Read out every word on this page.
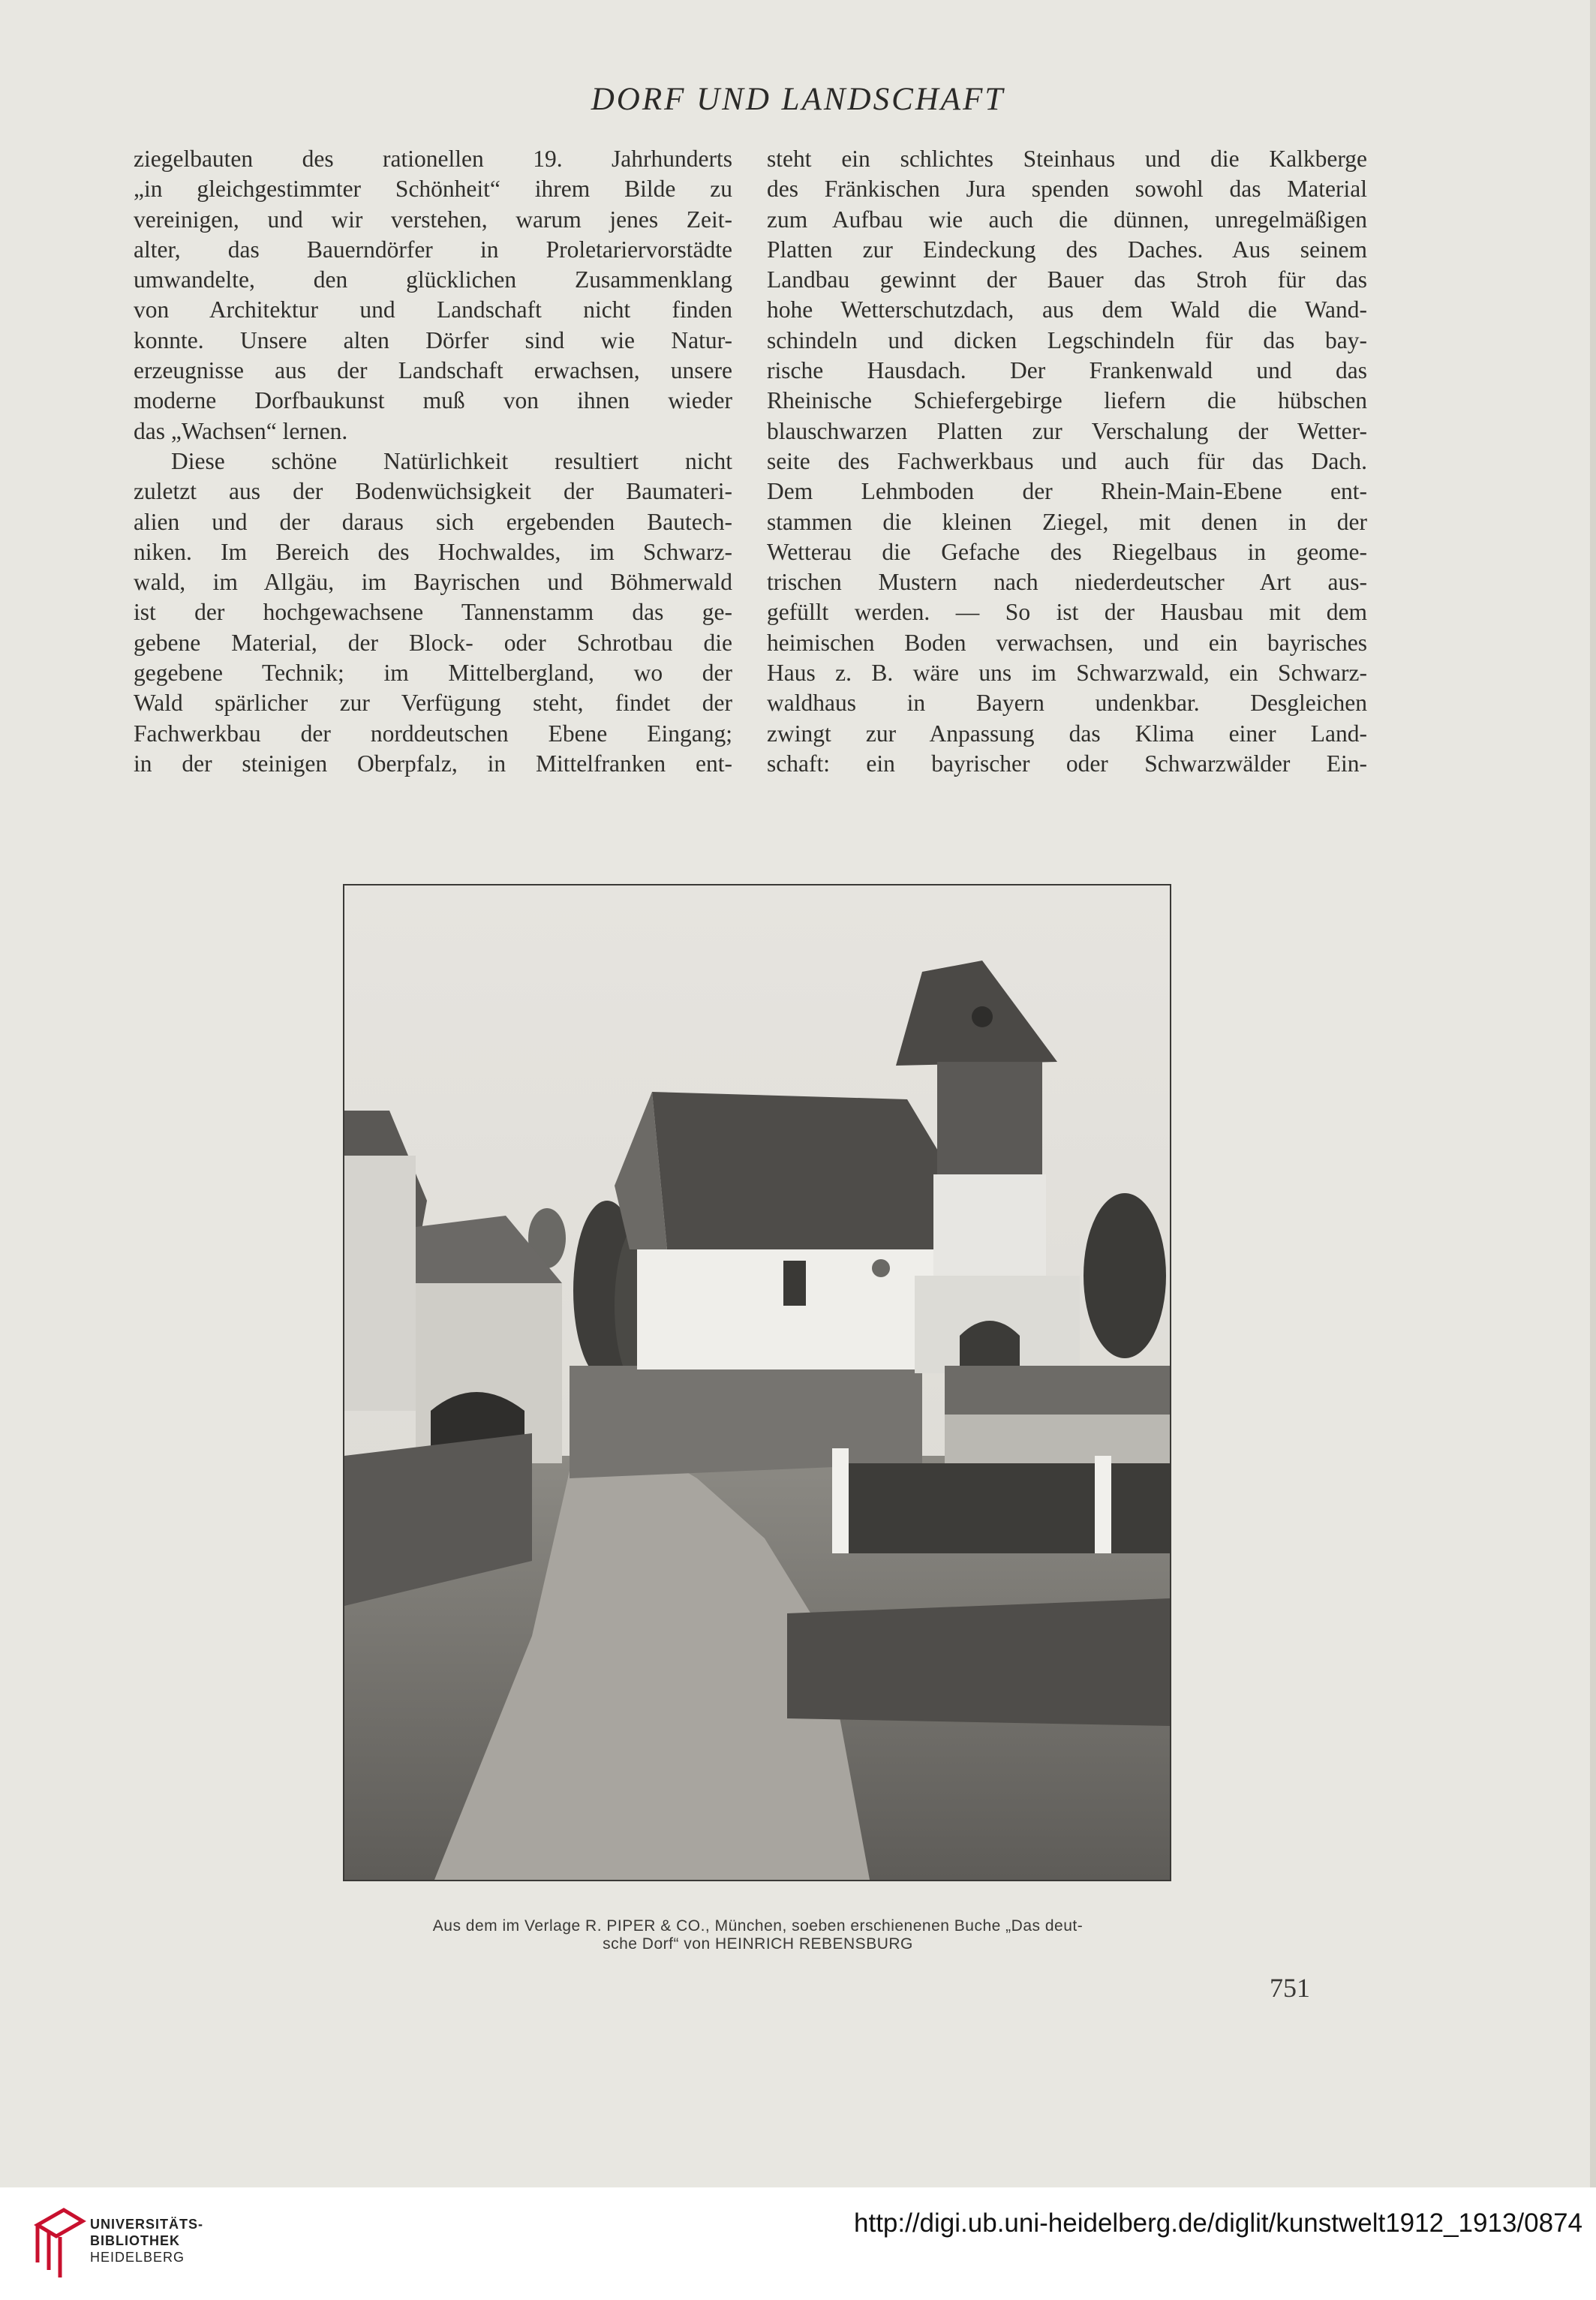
DORF UND LANDSCHAFT

ziegelbauten des rationellen 19. Jahrhunderts

„in gleichgestimmter Schönheit“ ihrem Bilde zu

vereinigen, und wir verstehen, warum jenes Zeit-

alter, das Bauerndörfer in Proletariervorstädte

umwandelte, den glücklichen Zusammenklang

von Architektur und Landschaft nicht finden

konnte. Unsere alten Dörfer sind wie Natur-

erzeugnisse aus der Landschaft erwachsen, unsere

moderne Dorfbaukunst muß von ihnen wieder

das „Wachsen“ lernen.

Diese schöne Natürlichkeit resultiert nicht

zuletzt aus der Bodenwüchsigkeit der Baumateri-

alien und der daraus sich ergebenden Bautech-

niken. Im Bereich des Hochwaldes, im Schwarz-

wald, im Allgäu, im Bayrischen und Böhmerwald

ist der hochgewachsene Tannenstamm das ge-

gebene Material, der Block- oder Schrotbau die

gegebene Technik; im Mittelbergland, wo der

Wald spärlicher zur Verfügung steht, findet der

Fachwerkbau der norddeutschen Ebene Eingang;

in der steinigen Oberpfalz, in Mittelfranken ent-

steht ein schlichtes Steinhaus und die Kalkberge

des Fränkischen Jura spenden sowohl das Material

zum Aufbau wie auch die dünnen, unregelmäßigen

Platten zur Eindeckung des Daches. Aus seinem

Landbau gewinnt der Bauer das Stroh für das

hohe Wetterschutzdach, aus dem Wald die Wand-

schindeln und dicken Legschindeln für das bay-

rische Hausdach. Der Frankenwald und das

Rheinische Schiefergebirge liefern die hübschen

blauschwarzen Platten zur Verschalung der Wetter-

seite des Fachwerkbaus und auch für das Dach.

Dem Lehmboden der Rhein-Main-Ebene ent-

stammen die kleinen Ziegel, mit denen in der

Wetterau die Gefache des Riegelbaus in geome-

trischen Mustern nach niederdeutscher Art aus-

gefüllt werden. — So ist der Hausbau mit dem

heimischen Boden verwachsen, und ein bayrisches

Haus z. B. wäre uns im Schwarzwald, ein Schwarz-

waldhaus in Bayern undenkbar. Desgleichen

zwingt zur Anpassung das Klima einer Land-

schaft: ein bayrischer oder Schwarzwälder Ein-

Aus dem im Verlage R. PIPER & CO., München, soeben erschienenen Buche „Das deut-
sche Dorf“ von HEINRICH REBENSBURG
751
UNIVERSITÄTS-
BIBLIOTHEK
HEIDELBERG
http://digi.ub.uni-heidelberg.de/diglit/kunstwelt1912_1913/0874
